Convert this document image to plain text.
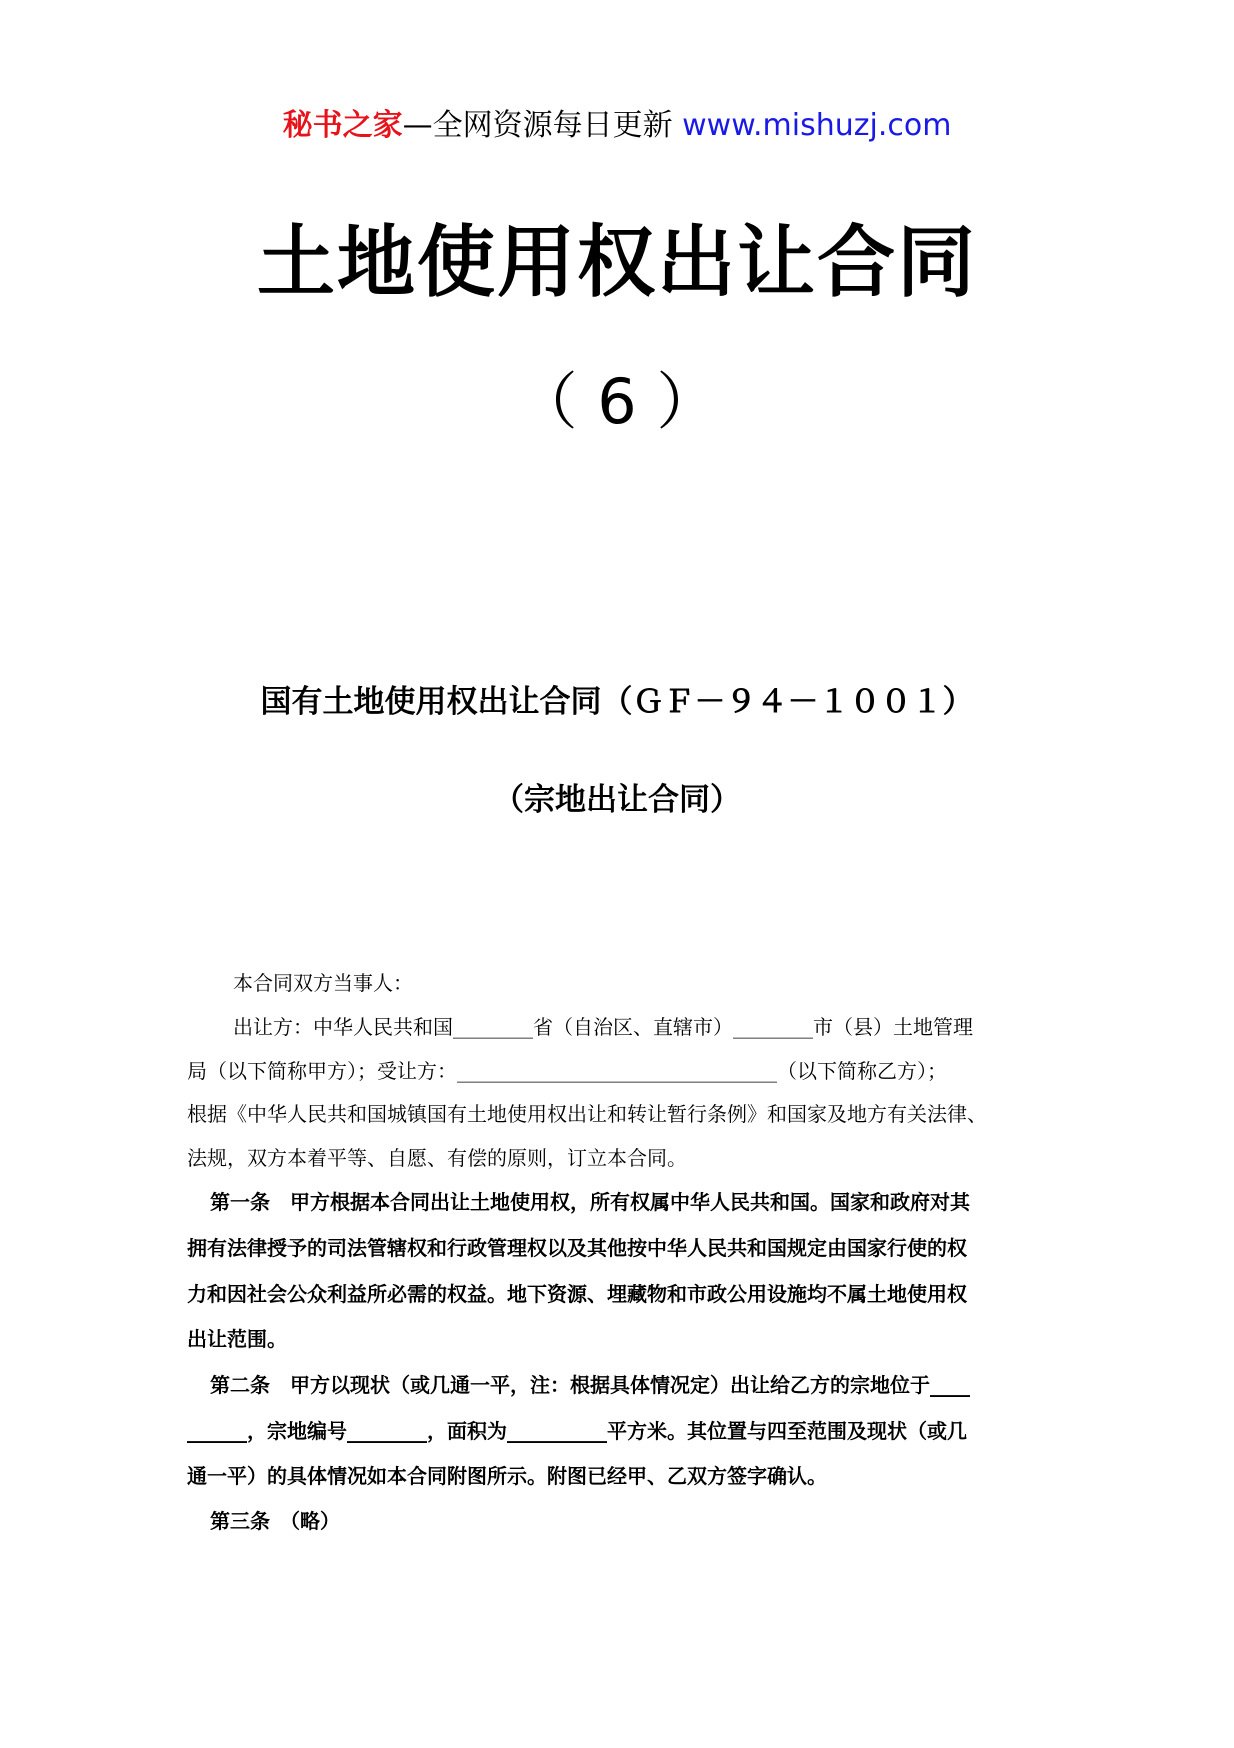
秘书之家—全网资源每日更新 www.mishuzj.com
土地使用权出让合同
（ 6 ）
国有土地使用权出让合同（ＧＦ－９４－１００１）
（宗地出让合同）
本合同双方当事人：
出让方：中华人民共和国________省（自治区、直辖市）________市（县）土地管理
局（以下简称甲方）；受让方：________________________________（以下简称乙方）；
根据《中华人民共和国城镇国有土地使用权出让和转让暂行条例》和国家及地方有关法律、
法规，双方本着平等、自愿、有偿的原则，订立本合同。
第一条　甲方根据本合同出让土地使用权，所有权属中华人民共和国。国家和政府对其
拥有法律授予的司法管辖权和行政管理权以及其他按中华人民共和国规定由国家行使的权
力和因社会公众利益所必需的权益。地下资源、埋藏物和市政公用设施均不属土地使用权
出让范围。
第二条　甲方以现状（或几通一平，注：根据具体情况定）出让给乙方的宗地位于____
______，宗地编号________，面积为__________平方米。其位置与四至范围及现状（或几
通一平）的具体情况如本合同附图所示。附图已经甲、乙双方签字确认。
第三条　（略）
